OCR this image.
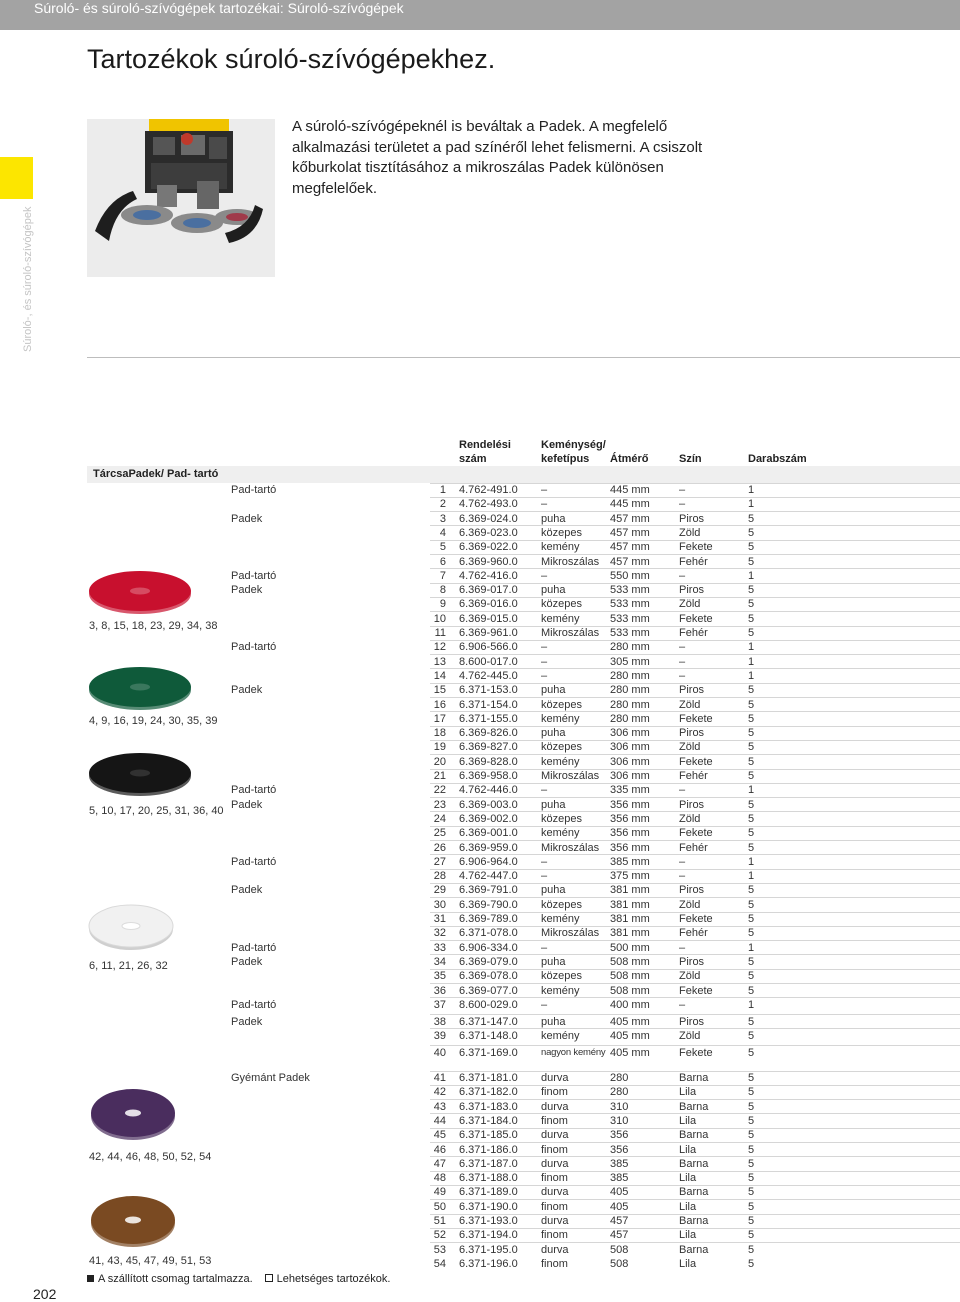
Súroló- és súroló-szívógépek tartozékai: Súroló-szívógépek
Súroló-, és súroló-szívógépek
Tartozékok súroló-szívógépekhez.

A súroló-szívógépeknél is beváltak a Padek. A megfelelő alkalmazási területet a pad színéről lehet felismerni. A csiszolt kőburkolat tisztításához a mikroszálas Padek különösen megfelelőek.

Rendelési
szám
Keménység/
kefetípus	Átmérő	Szín	Darabszám
TárcsaPadek/ Pad- tartó
Pad-tartó	1 4.762-491.0 –	445 mm	–	1
2 4.762-493.0 –	445 mm	–	1
Padek	3 6.369-024.0 puha	457 mm	Piros	5
4 6.369-023.0 közepes	457 mm	Zöld	5
5 6.369-022.0 kemény	457 mm	Fekete	5
6 6.369-960.0 Mikroszálas 457 mm	Fehér	5
Pad-tartó	7 4.762-416.0 –	550 mm	–	1
Padek	8 6.369-017.0 puha	533 mm	Piros	5
9 6.369-016.0 közepes	533 mm	Zöld	5
10 6.369-015.0 kemény	533 mm	Fekete	5
11 6.369-961.0 Mikroszálas 533 mm	Fehér	5
Pad-tartó	12 6.906-566.0 –	280 mm	–	1
13 8.600-017.0 –	305 mm	–	1
14 4.762-445.0 –	280 mm	–	1
Padek	15 6.371-153.0 puha	280 mm	Piros	5
16 6.371-154.0 közepes	280 mm	Zöld	5
17 6.371-155.0 kemény	280 mm	Fekete	5
18 6.369-826.0 puha	306 mm	Piros	5
19 6.369-827.0 közepes	306 mm	Zöld	5
20 6.369-828.0 kemény	306 mm	Fekete	5
21 6.369-958.0 Mikroszálas 306 mm	Fehér	5
Pad-tartó	22 4.762-446.0 –	335 mm	–	1
Padek	23 6.369-003.0 puha	356 mm	Piros	5
24 6.369-002.0 közepes	356 mm	Zöld	5
25 6.369-001.0 kemény	356 mm	Fekete	5
26 6.369-959.0 Mikroszálas 356 mm	Fehér	5
Pad-tartó	27 6.906-964.0 –	385 mm	–	1
28 4.762-447.0 –	375 mm	–	1
Padek	29 6.369-791.0 puha	381 mm	Piros	5
30 6.369-790.0 közepes	381 mm	Zöld	5
31 6.369-789.0 kemény	381 mm	Fekete	5
32 6.371-078.0 Mikroszálas 381 mm	Fehér	5
Pad-tartó	33 6.906-334.0 –	500 mm	–	1
Padek	34 6.369-079.0 puha	508 mm	Piros	5
35 6.369-078.0 közepes	508 mm	Zöld	5
36 6.369-077.0 kemény	508 mm	Fekete	5
Pad-tartó	37 8.600-029.0 –	400 mm	–	1
Padek	38 6.371-147.0 puha	405 mm	Piros	5
39 6.371-148.0 kemény	405 mm	Zöld	5
40 6.371-169.0 nagyon kemény 405 mm	Fekete	5
Gyémánt Padek	41 6.371-181.0 durva	280	Barna	5
42 6.371-182.0 finom	280	Lila	5
43 6.371-183.0 durva	310	Barna	5
44 6.371-184.0 finom	310	Lila	5
45 6.371-185.0 durva	356	Barna	5
46 6.371-186.0 finom	356	Lila	5
47 6.371-187.0 durva	385	Barna	5
48 6.371-188.0 finom	385	Lila	5
49 6.371-189.0 durva	405	Barna	5
50 6.371-190.0 finom	405	Lila	5
51 6.371-193.0 durva	457	Barna	5
52 6.371-194.0 finom	457	Lila	5
53 6.371-195.0 durva	508	Barna	5
54 6.371-196.0 finom	508	Lila	5
3, 8, 15, 18, 23, 29, 34, 38
4, 9, 16, 19, 24, 30, 35, 39
5, 10, 17, 20, 25, 31, 36, 40
6, 11, 21, 26, 32
42, 44, 46, 48, 50, 52, 54
41, 43, 45, 47, 49, 51, 53
A szállított csomag tartalmazza. Lehetséges tartozékok.
202
